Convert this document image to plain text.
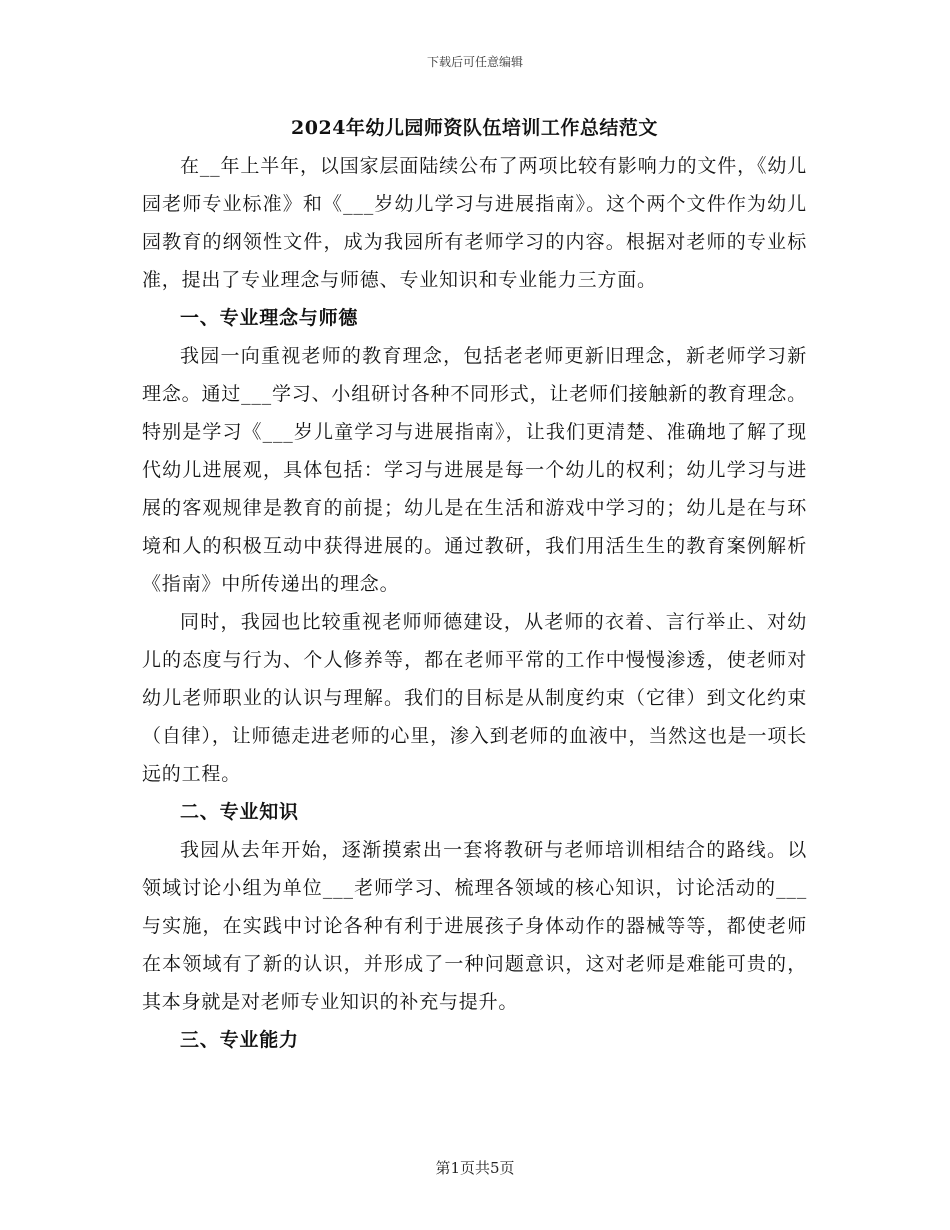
下载后可任意编辑
2024年幼儿园师资队伍培训工作总结范文

在__年上半年，以国家层面陆续公布了两项比较有影响力的文件，《幼儿园老师专业标准》和《___岁幼儿学习与进展指南》。这个两个文件作为幼儿园教育的纲领性文件，成为我园所有老师学习的内容。根据对老师的专业标准，提出了专业理念与师德、专业知识和专业能力三方面。

一、专业理念与师德

我园一向重视老师的教育理念，包括老老师更新旧理念，新老师学习新理念。通过___学习、小组研讨各种不同形式，让老师们接触新的教育理念。特别是学习《___岁儿童学习与进展指南》，让我们更清楚、准确地了解了现代幼儿进展观，具体包括：学习与进展是每一个幼儿的权利；幼儿学习与进展的客观规律是教育的前提；幼儿是在生活和游戏中学习的；幼儿是在与环境和人的积极互动中获得进展的。通过教研，我们用活生生的教育案例解析《指南》中所传递出的理念。

同时，我园也比较重视老师师德建设，从老师的衣着、言行举止、对幼儿的态度与行为、个人修养等，都在老师平常的工作中慢慢渗透，使老师对幼儿老师职业的认识与理解。我们的目标是从制度约束（它律）到文化约束（自律），让师德走进老师的心里，渗入到老师的血液中，当然这也是一项长远的工程。

二、专业知识

我园从去年开始，逐渐摸索出一套将教研与老师培训相结合的路线。以领域讨论小组为单位___老师学习、梳理各领域的核心知识，讨论活动的___与实施，在实践中讨论各种有利于进展孩子身体动作的器械等等，都使老师在本领域有了新的认识，并形成了一种问题意识，这对老师是难能可贵的，其本身就是对老师专业知识的补充与提升。

三、专业能力

第1页共5页
